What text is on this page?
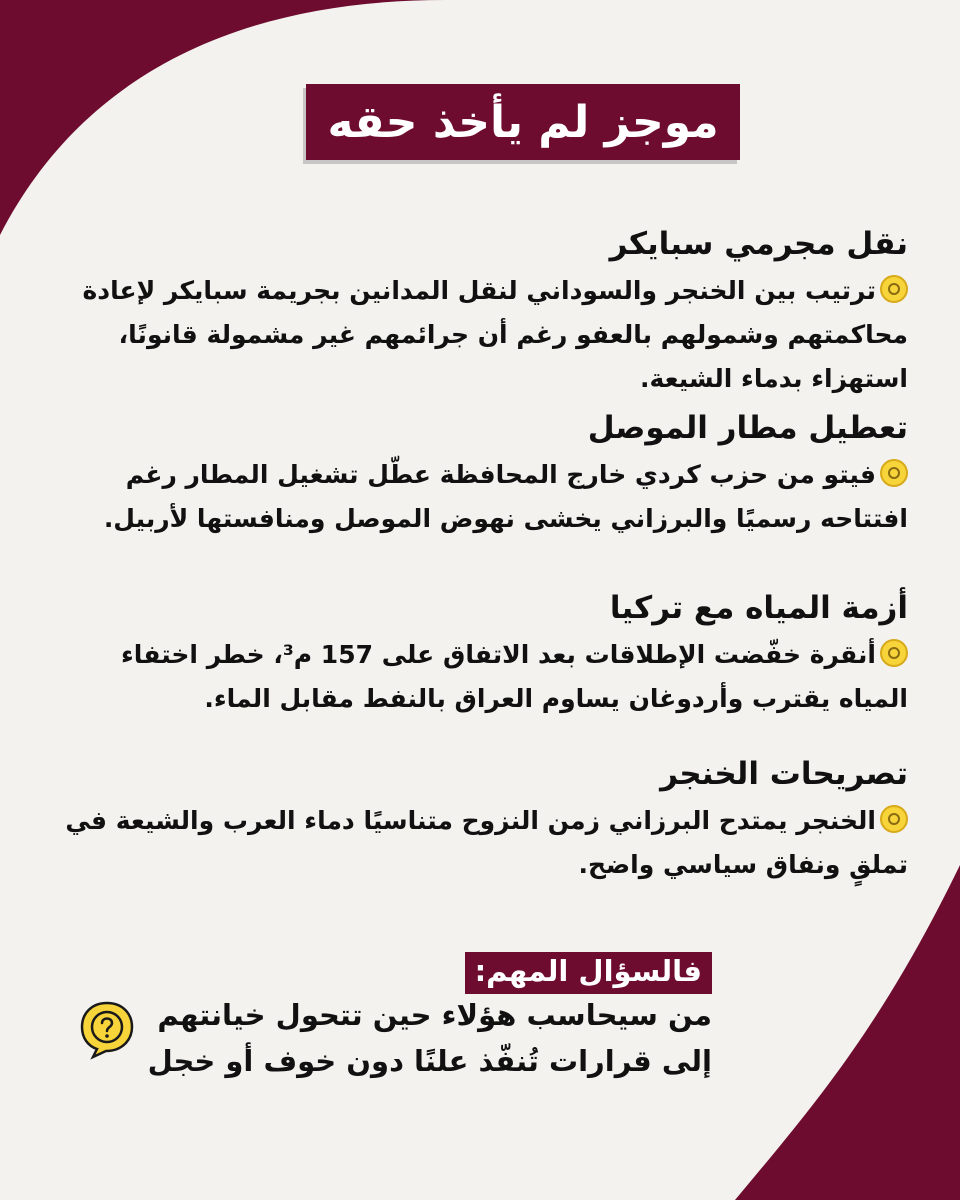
موجز لم يأخذ حقه

نقل مجرمي سبايكر

ترتيب بين الخنجر والسوداني لنقل المدانين بجريمة سبايكر لإعادة محاكمتهم وشمولهم بالعفو رغم أن جرائمهم غير مشمولة قانونًا، استهزاء بدماء الشيعة.

تعطيل مطار الموصل

فيتو من حزب كردي خارج المحافظة عطّل تشغيل المطار رغم افتتاحه رسميًا والبرزاني يخشى نهوض الموصل ومنافستها لأربيل.

أزمة المياه مع تركيا

أنقرة خفّضت الإطلاقات بعد الاتفاق على 157 م³، خطر اختفاء المياه يقترب وأردوغان يساوم العراق بالنفط مقابل الماء.

تصريحات الخنجر

الخنجر يمتدح البرزاني زمن النزوح متناسيًا دماء العرب والشيعة في تملقٍ ونفاق سياسي واضح.

فالسؤال المهم:

من سيحاسب هؤلاء حين تتحول خيانتهم إلى قرارات تُنفّذ علنًا دون خوف أو خجل
